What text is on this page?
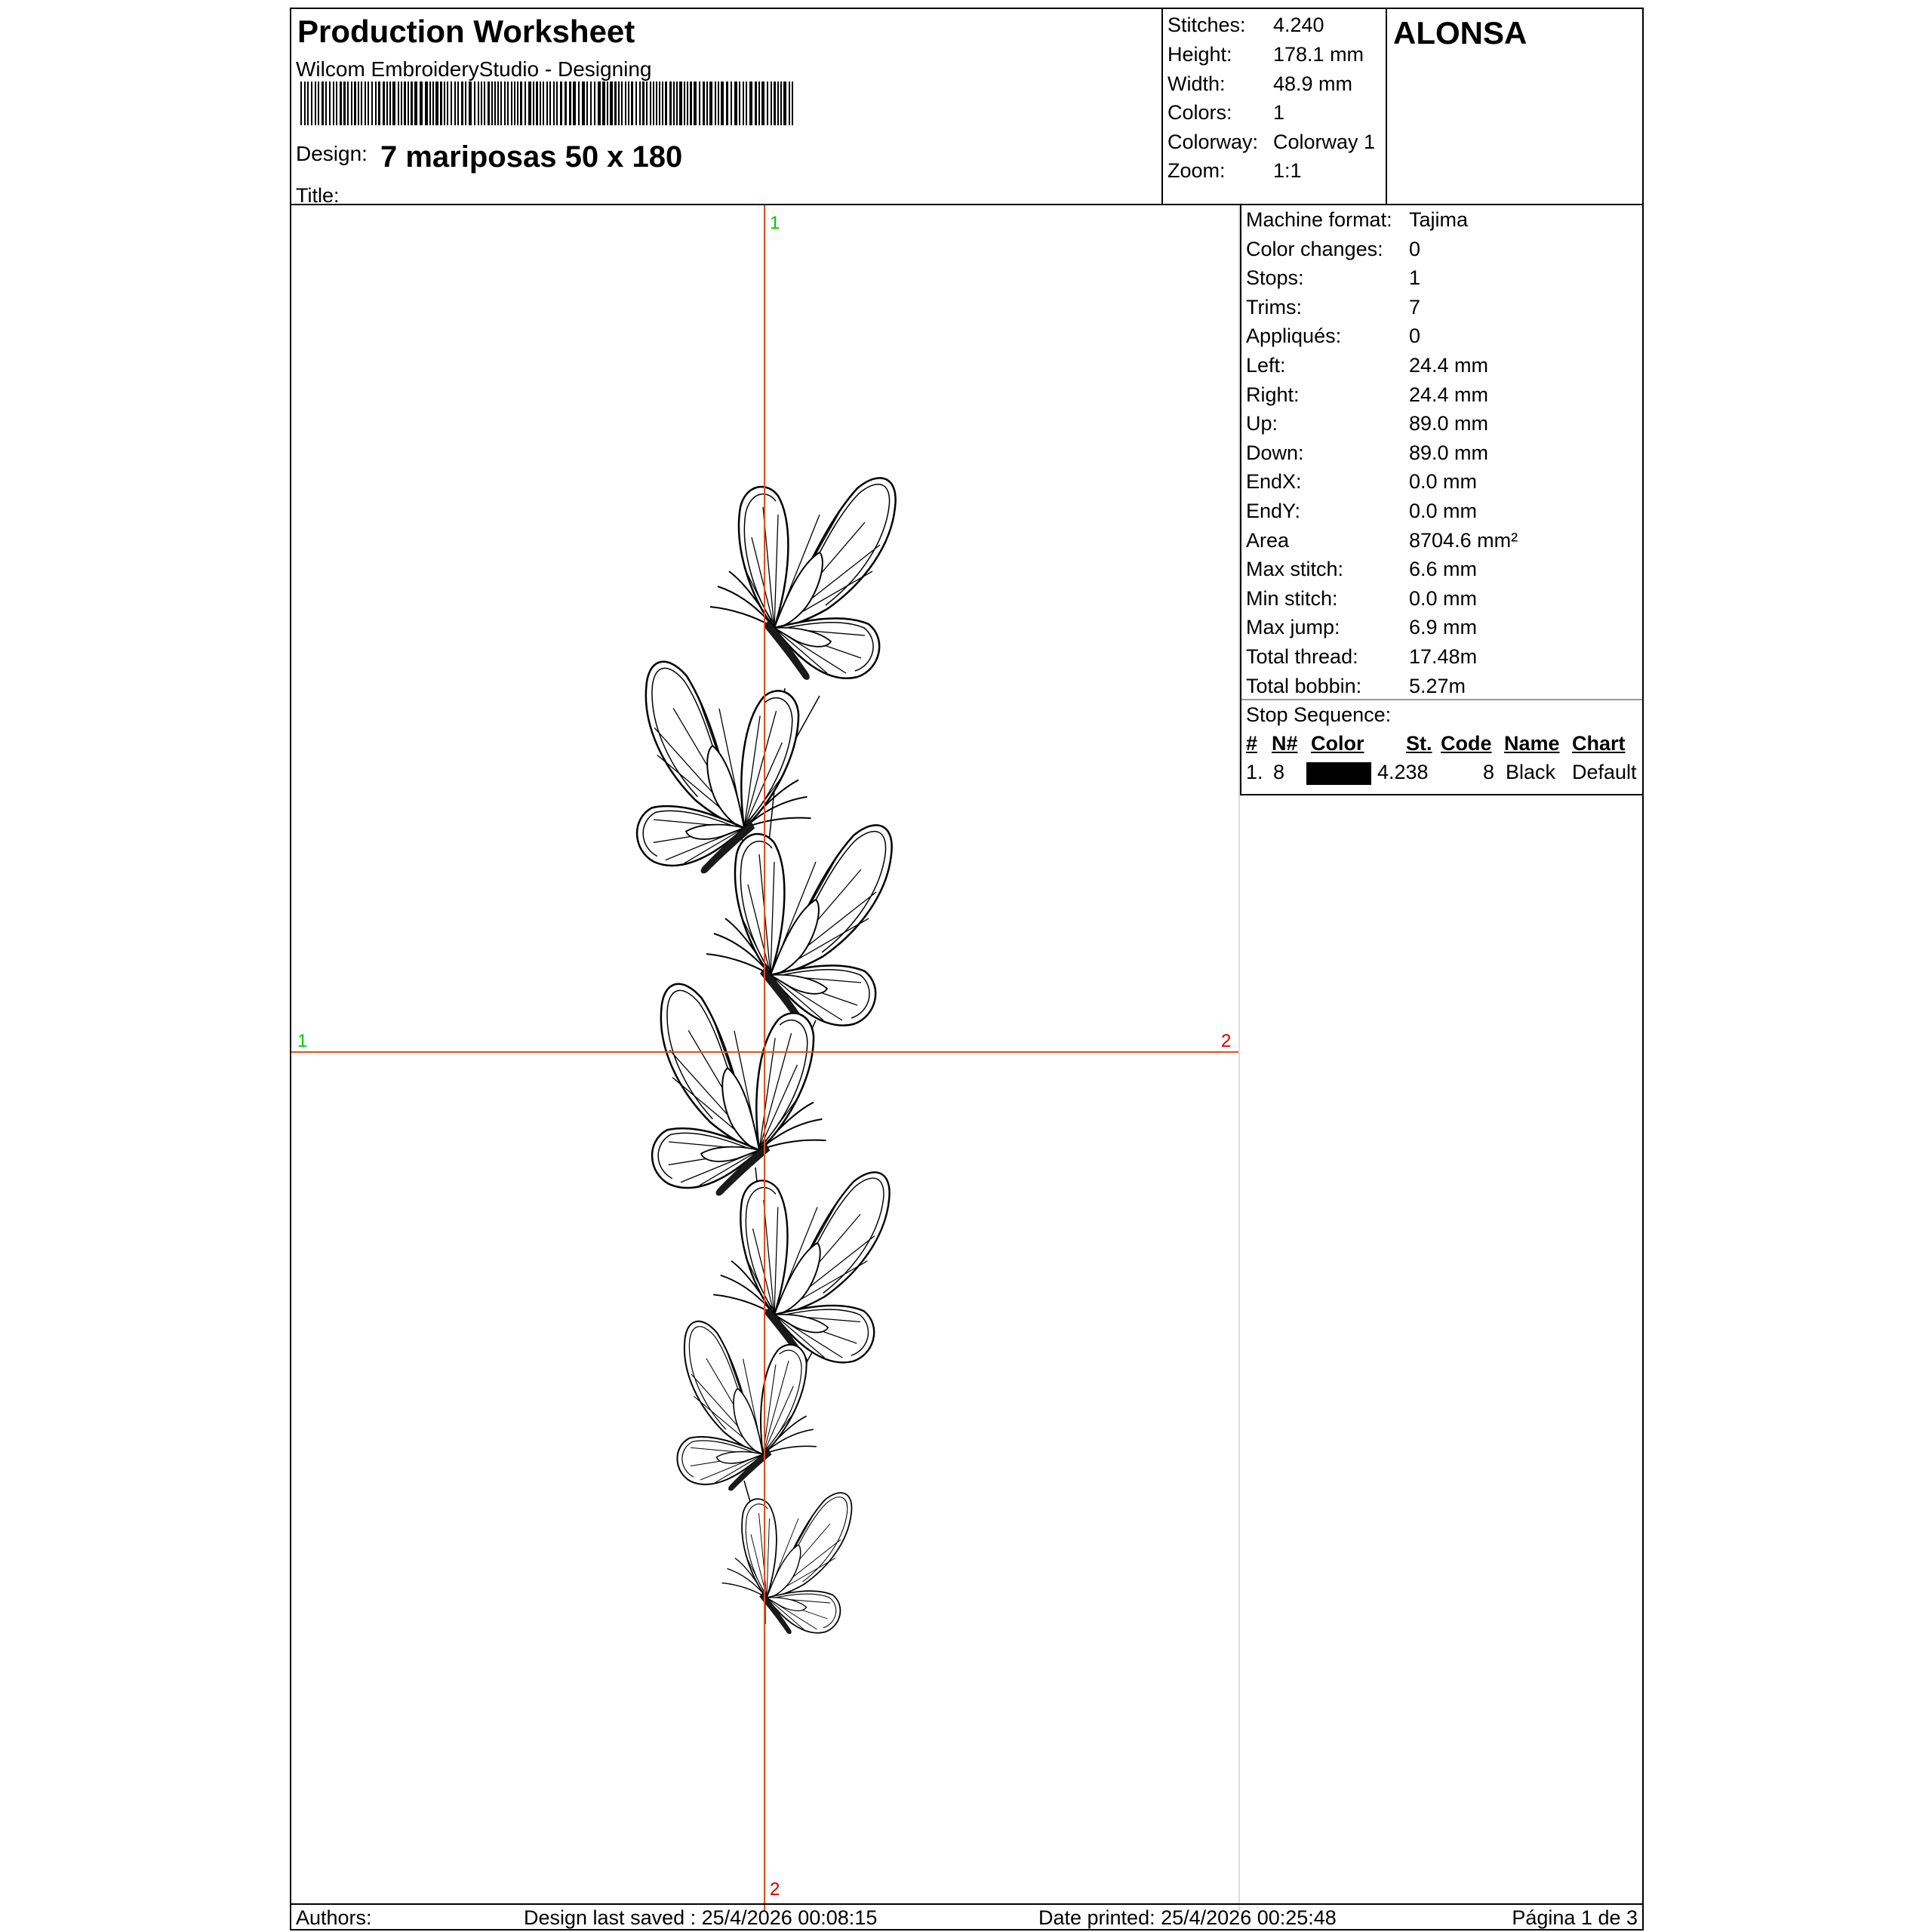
Production Worksheet
Wilcom EmbroideryStudio - Designing
Design: 7 mariposas 50 x 180
Title:
Stitches: 4.240
Height: 178.1 mm
Width: 48.9 mm
Colors: 1
Colorway: Colorway 1
Zoom: 1:1
ALONSA
1
2
1	2
Machine format: Tajima
Color changes: 0
Stops:	1
Trims:	7
Appliqués:	0
Left:	24.4 mm
Right:	24.4 mm
Up:	89.0 mm
Down:	89.0 mm
EndX:	0.0 mm
EndY:	0.0 mm
Area	8704.6 mm²
Max stitch:	6.6 mm
Min stitch:	0.0 mm
Max jump:	6.9 mm
Total thread: 17.48m
Total bobbin: 5.27m
Stop Sequence:
# N# Color St. Code Name Chart
1. 8	4.238	8 Black Default
Authors:	Design last saved : 25/4/2026 00:08:15	Date printed: 25/4/2026 00:25:48	Página 1 de 3
